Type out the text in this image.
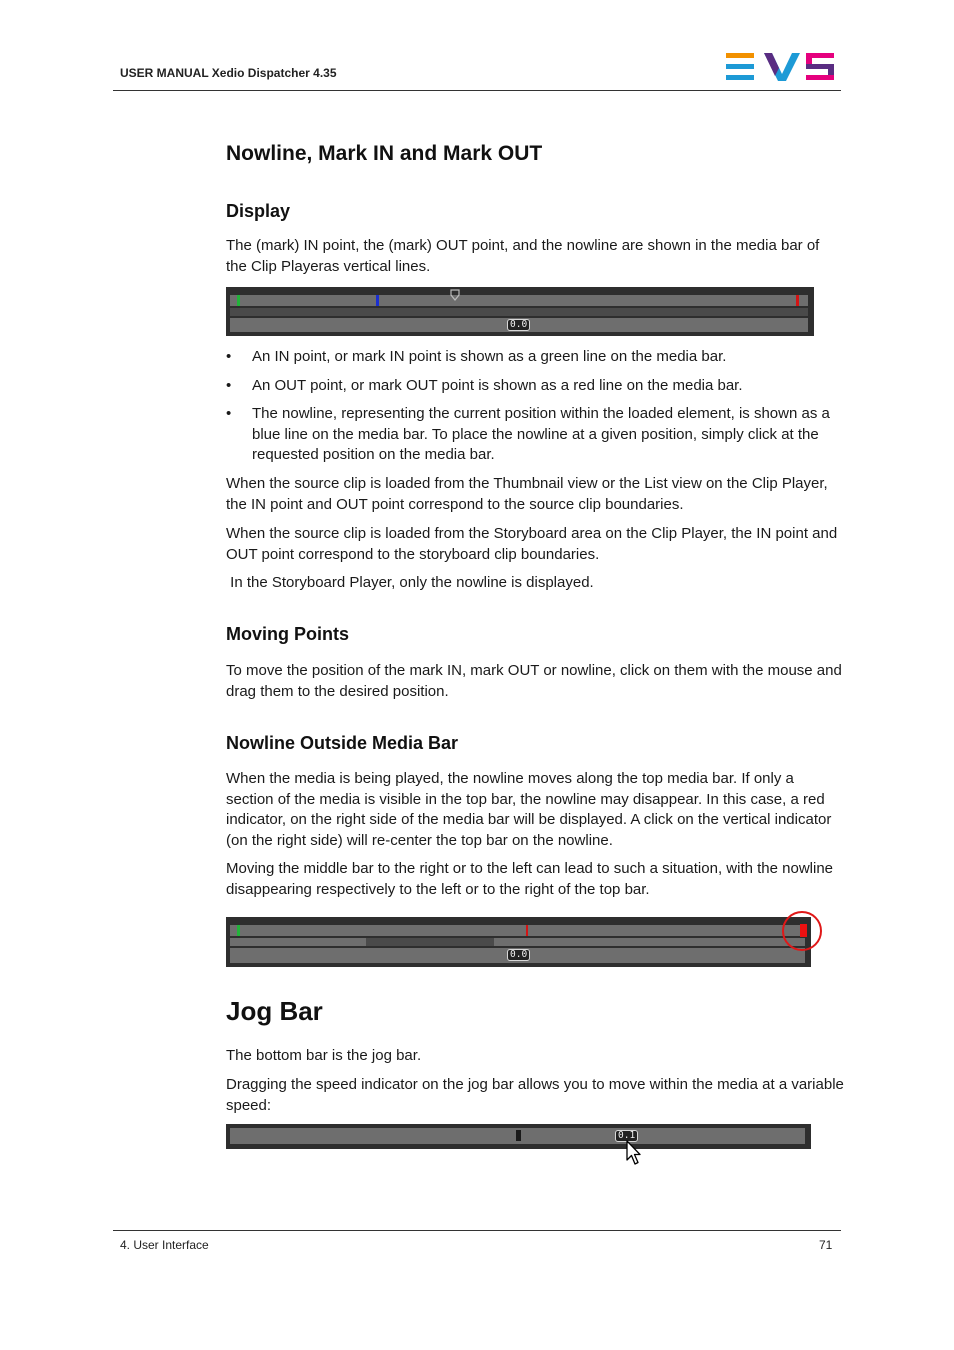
USER MANUAL Xedio Dispatcher 4.35
Nowline, Mark IN and Mark OUT
Display
The (mark) IN point, the (mark) OUT point, and the nowline are shown in the media bar of the Clip Playeras vertical lines.
0.0
• An IN point, or mark IN point is shown as a green line on the media bar.
• An OUT point, or mark OUT point is shown as a red line on the media bar.
• The nowline, representing the current position within the loaded element, is shown as a blue line on the media bar. To place the nowline at a given position, simply click at the requested position on the media bar.
When the source clip is loaded from the Thumbnail view or the List view on the Clip Player, the IN point and OUT point correspond to the source clip boundaries.
When the source clip is loaded from the Storyboard area on the Clip Player, the IN point and OUT point correspond to the storyboard clip boundaries.
In the Storyboard Player, only the nowline is displayed.
Moving Points
To move the position of the mark IN, mark OUT or nowline, click on them with the mouse and drag them to the desired position.
Nowline Outside Media Bar
When the media is being played, the nowline moves along the top media bar. If only a section of the media is visible in the top bar, the nowline may disappear. In this case, a red indicator, on the right side of the media bar will be displayed. A click on the vertical indicator (on the right side) will re-center the top bar on the nowline.
Moving the middle bar to the right or to the left can lead to such a situation, with the nowline disappearing respectively to the left or to the right of the top bar.
0.0
Jog Bar
The bottom bar is the jog bar.
Dragging the speed indicator on the jog bar allows you to move within the media at a variable speed:
0.1
4. User Interface	71
